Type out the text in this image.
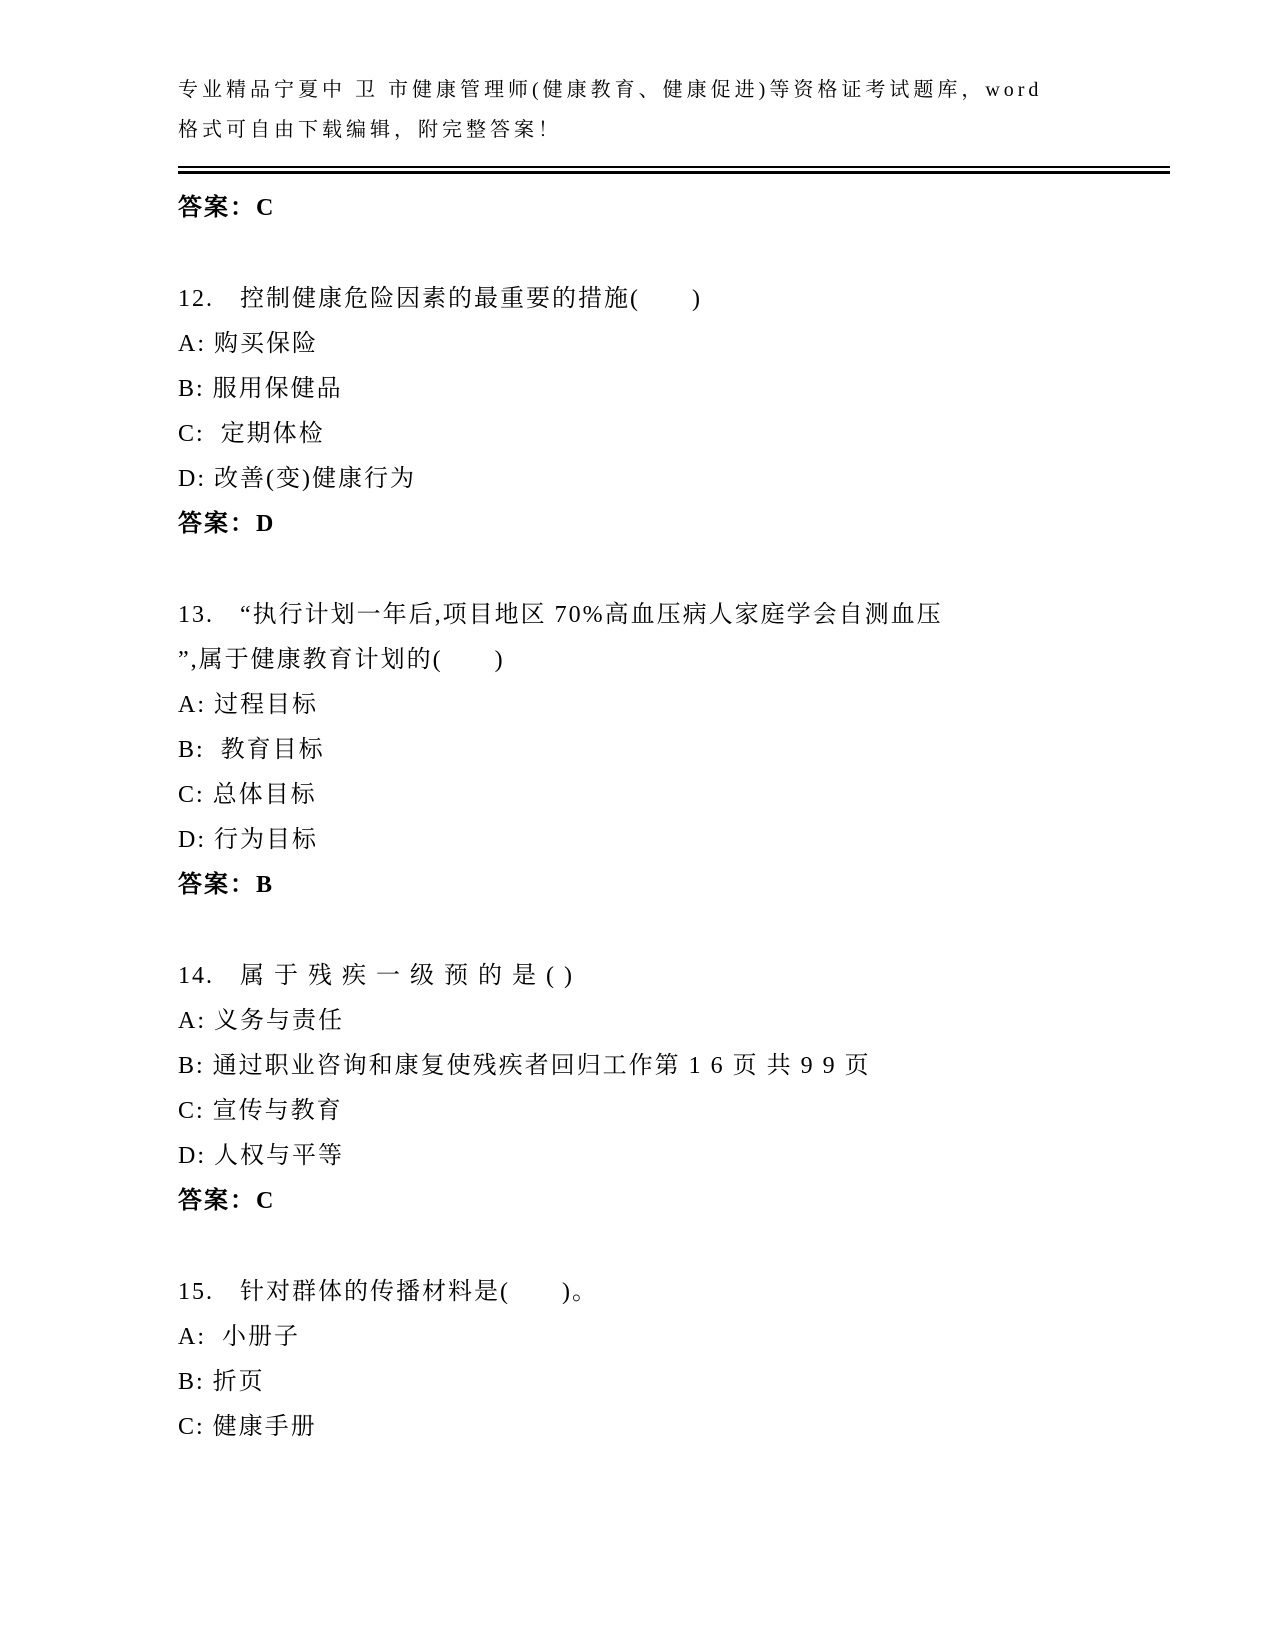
专业精品宁夏中 卫 市健康管理师(健康教育、健康促进)等资格证考试题库，word

格式可自由下载编辑，附完整答案！

答案：C

12.　控制健康危险因素的最重要的措施(　　)

A: 购买保险

B: 服用保健品

C:  定期体检

D: 改善(变)健康行为

答案：D

13.　“执行计划一年后,项目地区 70%高血压病人家庭学会自测血压

”,属于健康教育计划的(　　)

A: 过程目标

B:  教育目标

C: 总体目标

D: 行为目标

答案：B

14.　属 于 残 疾 一 级 预 的 是 ( )

A: 义务与责任

B: 通过职业咨询和康复使残疾者回归工作第 1 6 页 共 9 9 页

C: 宣传与教育

D: 人权与平等

答案：C

15.　针对群体的传播材料是(　　)。

A:  小册子

B: 折页

C: 健康手册
